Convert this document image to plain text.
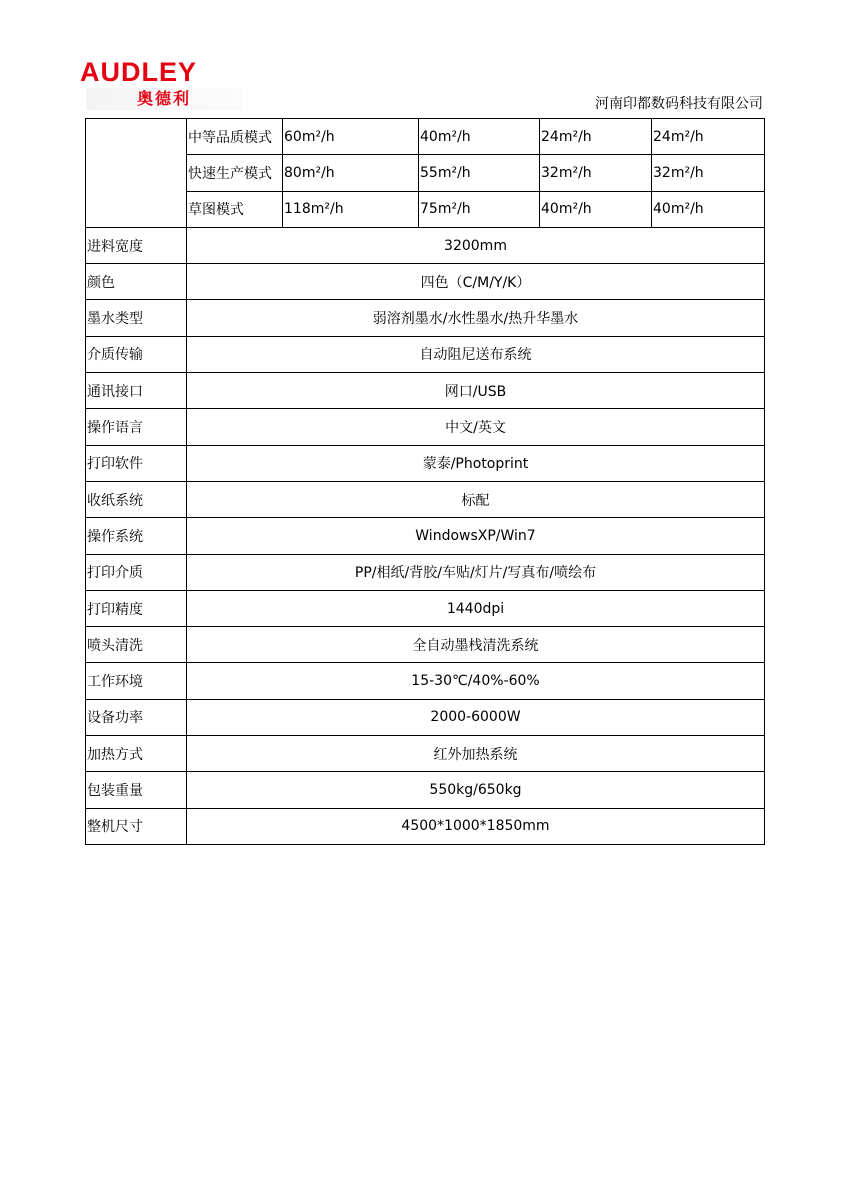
AUDLEY
奥德利	河南印都数码科技有限公司
	中等品质模式	60m²/h	40m²/h	24m²/h	24m²/h
	快速生产模式	80m²/h	55m²/h	32m²/h	32m²/h
	草图模式	118m²/h	75m²/h	40m²/h	40m²/h
进料宽度	3200mm				
颜色	四色（C/M/Y/K）				
墨水类型	弱溶剂墨水/水性墨水/热升华墨水				
介质传输	自动阻尼送布系统				
通讯接口	网口/USB				
操作语言	中文/英文				
打印软件	蒙泰/Photoprint				
收纸系统	标配				
操作系统	WindowsXP/Win7				
打印介质	PP/相纸/背胶/车贴/灯片/写真布/喷绘布				
打印精度	1440dpi				
喷头清洗	全自动墨栈清洗系统				
工作环境	15-30℃/40%-60%				
设备功率	2000-6000W				
加热方式	红外加热系统				
包装重量	550kg/650kg				
整机尺寸	4500*1000*1850mm				
